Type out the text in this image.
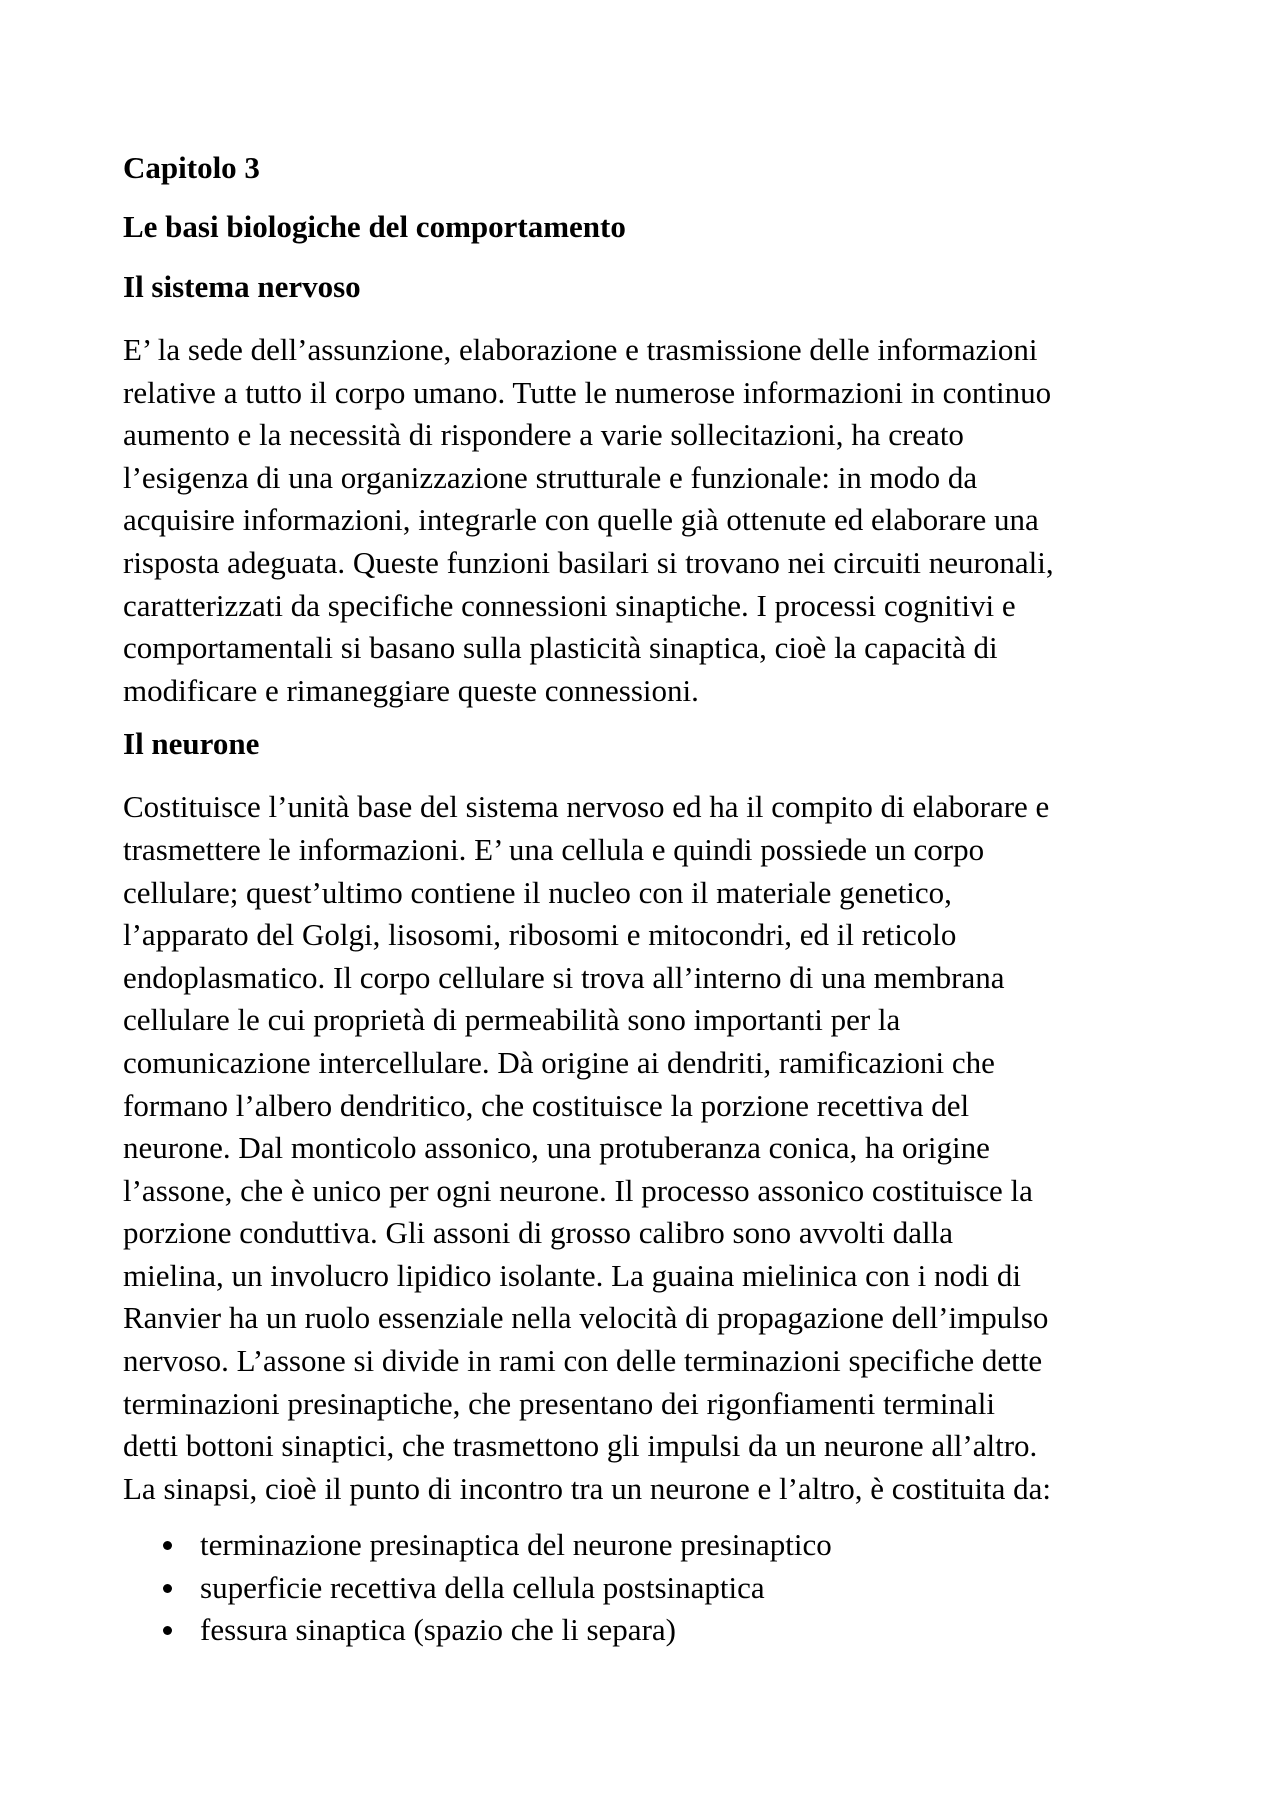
Capitolo 3
Le basi biologiche del comportamento
Il sistema nervoso
E’ la sede dell’assunzione, elaborazione e trasmissione delle informazioni
relative a tutto il corpo umano. Tutte le numerose informazioni in continuo
aumento e la necessità di rispondere a varie sollecitazioni, ha creato
l’esigenza di una organizzazione strutturale e funzionale: in modo da
acquisire informazioni, integrarle con quelle già ottenute ed elaborare una
risposta adeguata. Queste funzioni basilari si trovano nei circuiti neuronali,
caratterizzati da specifiche connessioni sinaptiche. I processi cognitivi e
comportamentali si basano sulla plasticità sinaptica, cioè la capacità di
modificare e rimaneggiare queste connessioni.
Il neurone
Costituisce l’unità base del sistema nervoso ed ha il compito di elaborare e
trasmettere le informazioni. E’ una cellula e quindi possiede un corpo
cellulare; quest’ultimo contiene il nucleo con il materiale genetico,
l’apparato del Golgi, lisosomi, ribosomi e mitocondri, ed il reticolo
endoplasmatico. Il corpo cellulare si trova all’interno di una membrana
cellulare le cui proprietà di permeabilità sono importanti per la
comunicazione intercellulare. Dà origine ai dendriti, ramificazioni che
formano l’albero dendritico, che costituisce la porzione recettiva del
neurone. Dal monticolo assonico, una protuberanza conica, ha origine
l’assone, che è unico per ogni neurone. Il processo assonico costituisce la
porzione conduttiva. Gli assoni di grosso calibro sono avvolti dalla
mielina, un involucro lipidico isolante. La guaina mielinica con i nodi di
Ranvier ha un ruolo essenziale nella velocità di propagazione dell’impulso
nervoso. L’assone si divide in rami con delle terminazioni specifiche dette
terminazioni presinaptiche, che presentano dei rigonfiamenti terminali
detti bottoni sinaptici, che trasmettono gli impulsi da un neurone all’altro.
La sinapsi, cioè il punto di incontro tra un neurone e l’altro, è costituita da:
terminazione presinaptica del neurone presinaptico
superficie recettiva della cellula postsinaptica
fessura sinaptica (spazio che li separa)
